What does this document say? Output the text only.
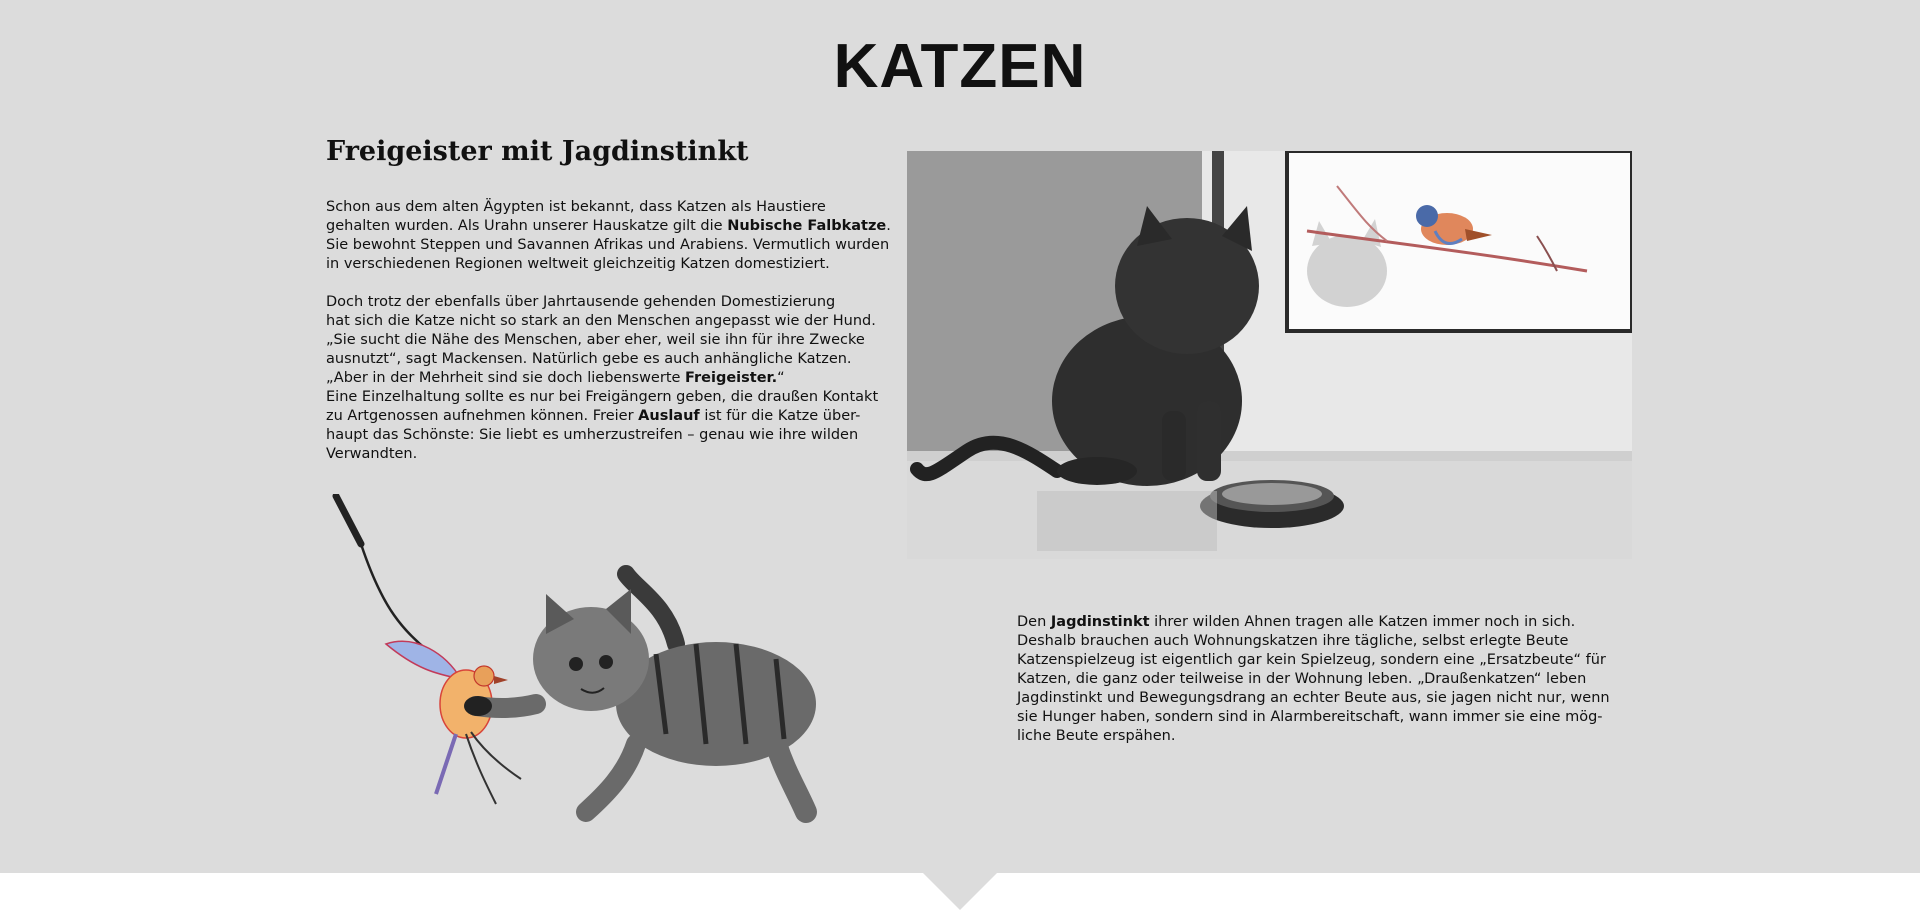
KATZEN
Freigeister mit Jagdinstinkt

Schon aus dem alten Ägypten ist bekannt, dass Katzen als Haustiere
gehalten wurden. Als Urahn unserer Hauskatze gilt die Nubische Falbkatze.
Sie bewohnt Steppen und Savannen Afrikas und Arabiens. Vermutlich wurden
in verschiedenen Regionen weltweit gleichzeitig Katzen domestiziert.

Doch trotz der ebenfalls über Jahrtausende gehenden Domestizierung
hat sich die Katze nicht so stark an den Menschen angepasst wie der Hund.
„Sie sucht die Nähe des Menschen, aber eher, weil sie ihn für ihre Zwecke
ausnutzt“, sagt Mackensen. Natürlich gebe es auch anhängliche Katzen.
„Aber in der Mehrheit sind sie doch liebenswerte Freigeister.“
Eine Einzelhaltung sollte es nur bei Freigängern geben, die draußen Kontakt
zu Artgenossen aufnehmen können. Freier Auslauf ist für die Katze über-
haupt das Schönste: Sie liebt es umherzustreifen – genau wie ihre wilden
Verwandten.

Den Jagdinstinkt ihrer wilden Ahnen tragen alle Katzen immer noch in sich.
Deshalb brauchen auch Wohnungskatzen ihre tägliche, selbst erlegte Beute
Katzenspielzeug ist eigentlich gar kein Spielzeug, sondern eine „Ersatzbeute“ für
Katzen, die ganz oder teilweise in der Wohnung leben. „Draußenkatzen“ leben
Jagdinstinkt und Bewegungsdrang an echter Beute aus, sie jagen nicht nur, wenn
sie Hunger haben, sondern sind in Alarmbereitschaft, wann immer sie eine mög-
liche Beute erspähen.
